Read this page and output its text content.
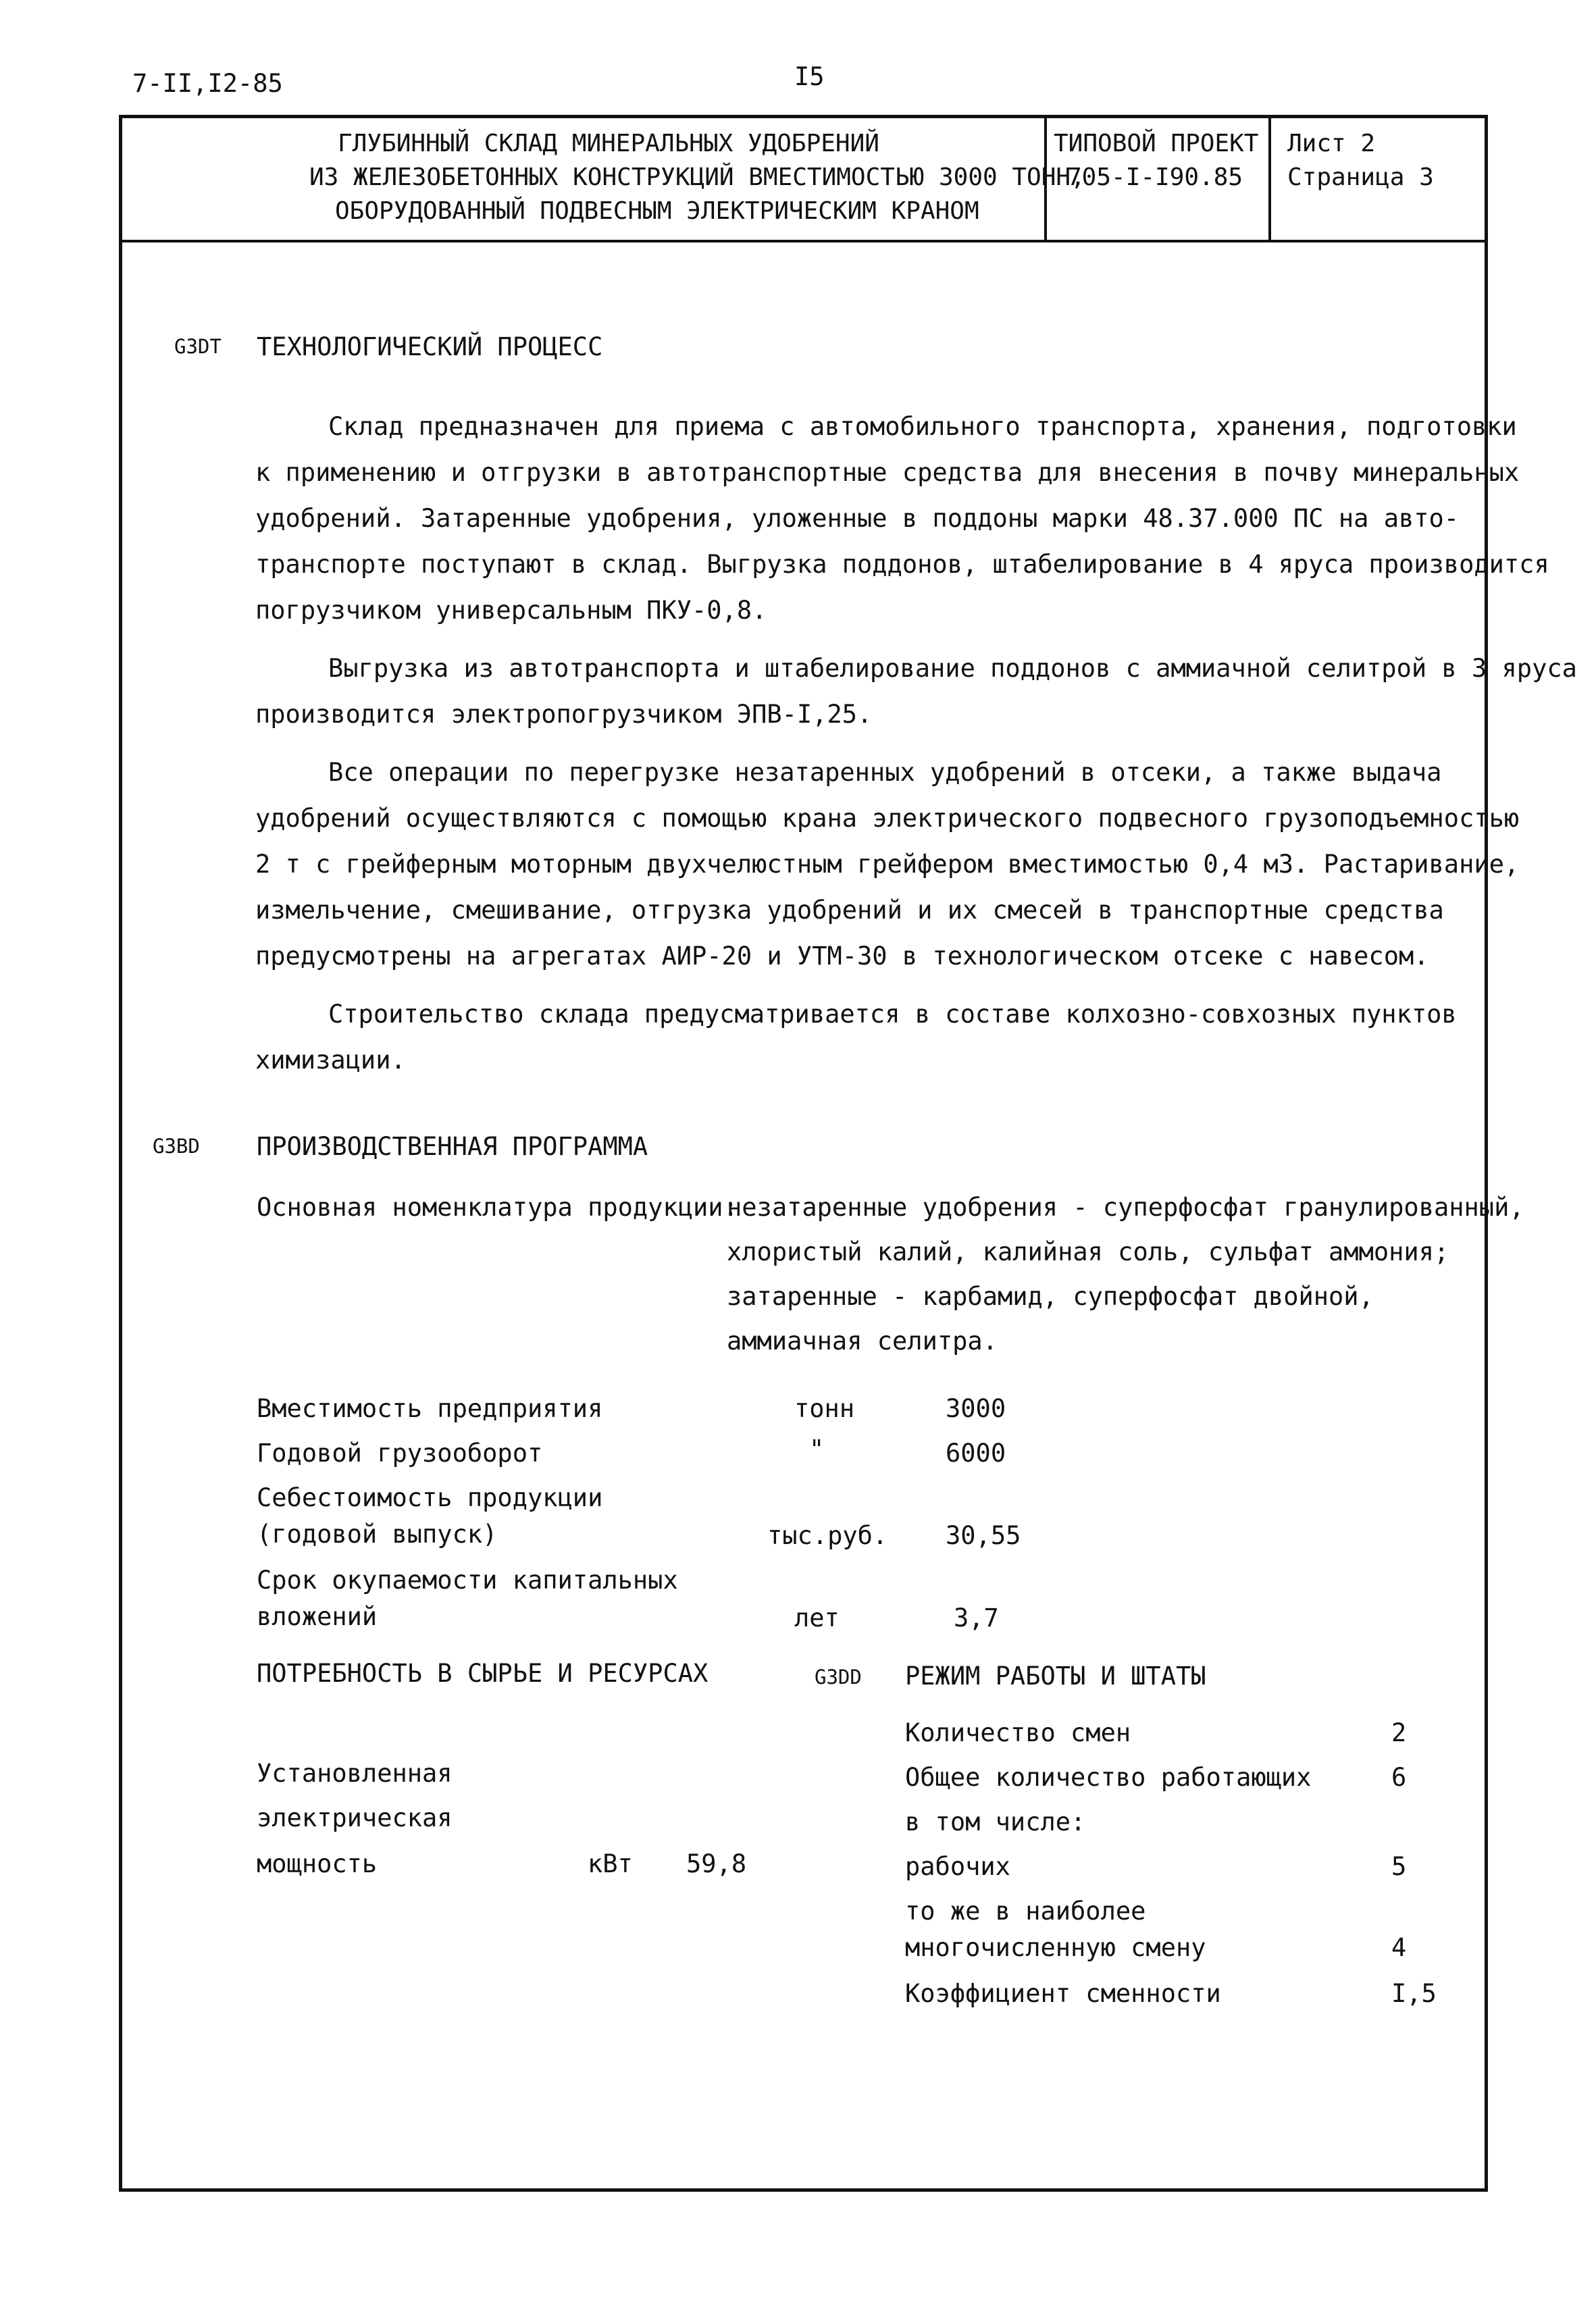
7-II,I2-85	I5
ГЛУБИННЫЙ СКЛАД МИНЕРАЛЬНЫХ УДОБРЕНИЙ
ИЗ ЖЕЛЕЗОБЕТОННЫХ КОНСТРУКЦИЙ ВМЕСТИМОСТЬЮ 3000 ТОНН,
ОБОРУДОВАННЫЙ ПОДВЕСНЫМ ЭЛЕКТРИЧЕСКИМ КРАНОМ
ТИПОВОЙ ПРОЕКТ
705-I-I90.85
Лист 2
Страница 3
G3DT ТЕХНОЛОГИЧЕСКИЙ ПРОЦЕСС
Склад предназначен для приема с автомобильного транспорта, хранения, подготовки
к применению и отгрузки в автотранспортные средства для внесения в почву минеральных
удобрений. Затаренные удобрения, уложенные в поддоны марки 48.37.000 ПС на авто-
транспорте поступают в склад. Выгрузка поддонов, штабелирование в 4 яруса производится
погрузчиком универсальным ПКУ-0,8.
Выгрузка из автотранспорта и штабелирование поддонов с аммиачной селитрой в 3 яруса
производится электропогрузчиком ЭПВ-I,25.
Все операции по перегрузке незатаренных удобрений в отсеки, а также выдача
удобрений осуществляются с помощью крана электрического подвесного грузоподъемностью
2 т с грейферным моторным двухчелюстным грейфером вместимостью 0,4 м3. Растаривание,
измельчение, смешивание, отгрузка удобрений и их смесей в транспортные средства
предусмотрены на агрегатах АИР-20 и УТМ-30 в технологическом отсеке с навесом.
Строительство склада предусматривается в составе колхозно-совхозных пунктов
химизации.
G3BD ПРОИЗВОДСТВЕННАЯ ПРОГРАММА
Основная номенклатура продукции:
незатаренные удобрения - суперфосфат гранулированный,
хлористый калий, калийная соль, сульфат аммония;
затаренные - карбамид, суперфосфат двойной,
аммиачная селитра.
Вместимость предприятия	тонн	3000
Годовой грузооборот	"	6000
Себестоимость продукции
(годовой выпуск)	тыс.руб. 30,55
Срок окупаемости капитальных
вложений	лет	3,7
ПОТРЕБНОСТЬ В СЫРЬЕ И РЕСУРСАХ
Установленная
электрическая
мощность	кВт 59,8
G3DD РЕЖИМ РАБОТЫ И ШТАТЫ
Количество смен	2
Общее количество работающих	6
в том числе:
рабочих	5
то же в наиболее
многочисленную смену	4
Коэффициент сменности	I,5
